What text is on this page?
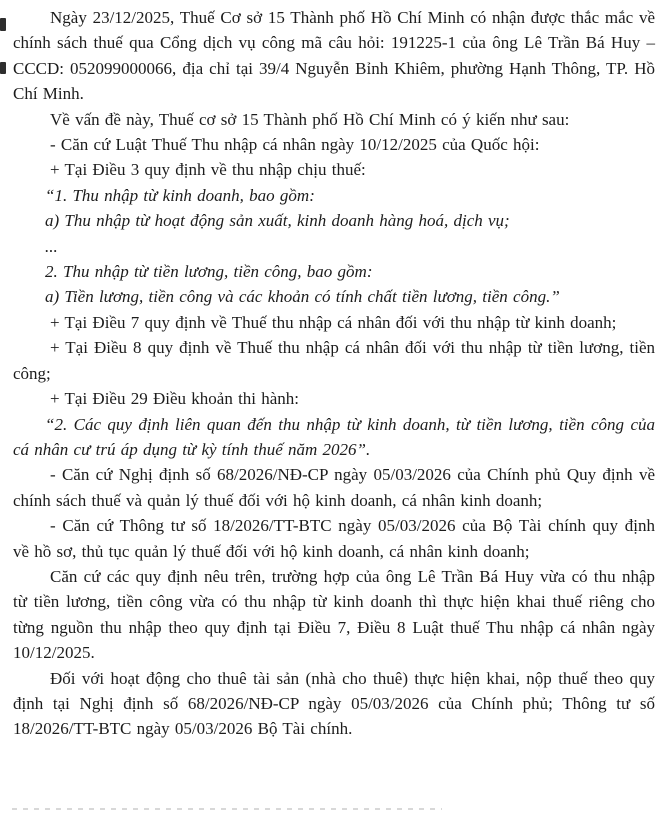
Ngày 23/12/2025, Thuế Cơ sở 15 Thành phố Hồ Chí Minh có nhận được thắc mắc về chính sách thuế qua Cổng dịch vụ công mã câu hỏi: 191225-1 của ông Lê Trần Bá Huy – CCCD: 052099000066, địa chỉ tại 39/4 Nguyễn Bỉnh Khiêm, phường Hạnh Thông, TP. Hồ Chí Minh.

Về vấn đề này, Thuế cơ sở 15 Thành phố Hồ Chí Minh có ý kiến như sau:

- Căn cứ Luật Thuế Thu nhập cá nhân ngày 10/12/2025 của Quốc hội:

+ Tại Điều 3 quy định về thu nhập chịu thuế:

“1. Thu nhập từ kinh doanh, bao gồm:

a) Thu nhập từ hoạt động sản xuất, kinh doanh hàng hoá, dịch vụ;

...

2. Thu nhập từ tiền lương, tiền công, bao gồm:

a) Tiền lương, tiền công và các khoản có tính chất tiền lương, tiền công.”

+ Tại Điều 7 quy định về Thuế thu nhập cá nhân đối với thu nhập từ kinh doanh;

+ Tại Điều 8 quy định về Thuế thu nhập cá nhân đối với thu nhập từ tiền lương, tiền công;

+ Tại Điều 29 Điều khoản thi hành:

“2. Các quy định liên quan đến thu nhập từ kinh doanh, từ tiền lương, tiền công của cá nhân cư trú áp dụng từ kỳ tính thuế năm 2026”.

- Căn cứ Nghị định số 68/2026/NĐ-CP ngày 05/03/2026 của Chính phủ Quy định về chính sách thuế và quản lý thuế đối với hộ kinh doanh, cá nhân kinh doanh;

- Căn cứ Thông tư số 18/2026/TT-BTC ngày 05/03/2026 của Bộ Tài chính quy định về hồ sơ, thủ tục quản lý thuế đối với hộ kinh doanh, cá nhân kinh doanh;

Căn cứ các quy định nêu trên, trường hợp của ông Lê Trần Bá Huy vừa có thu nhập từ tiền lương, tiền công vừa có thu nhập từ kinh doanh thì thực hiện khai thuế riêng cho từng nguồn thu nhập theo quy định tại Điều 7, Điều 8 Luật thuế Thu nhập cá nhân ngày 10/12/2025.

Đối với hoạt động cho thuê tài sản (nhà cho thuê) thực hiện khai, nộp thuế theo quy định tại Nghị định số 68/2026/NĐ-CP ngày 05/03/2026 của Chính phủ; Thông tư số 18/2026/TT-BTC ngày 05/03/2026 Bộ Tài chính.
